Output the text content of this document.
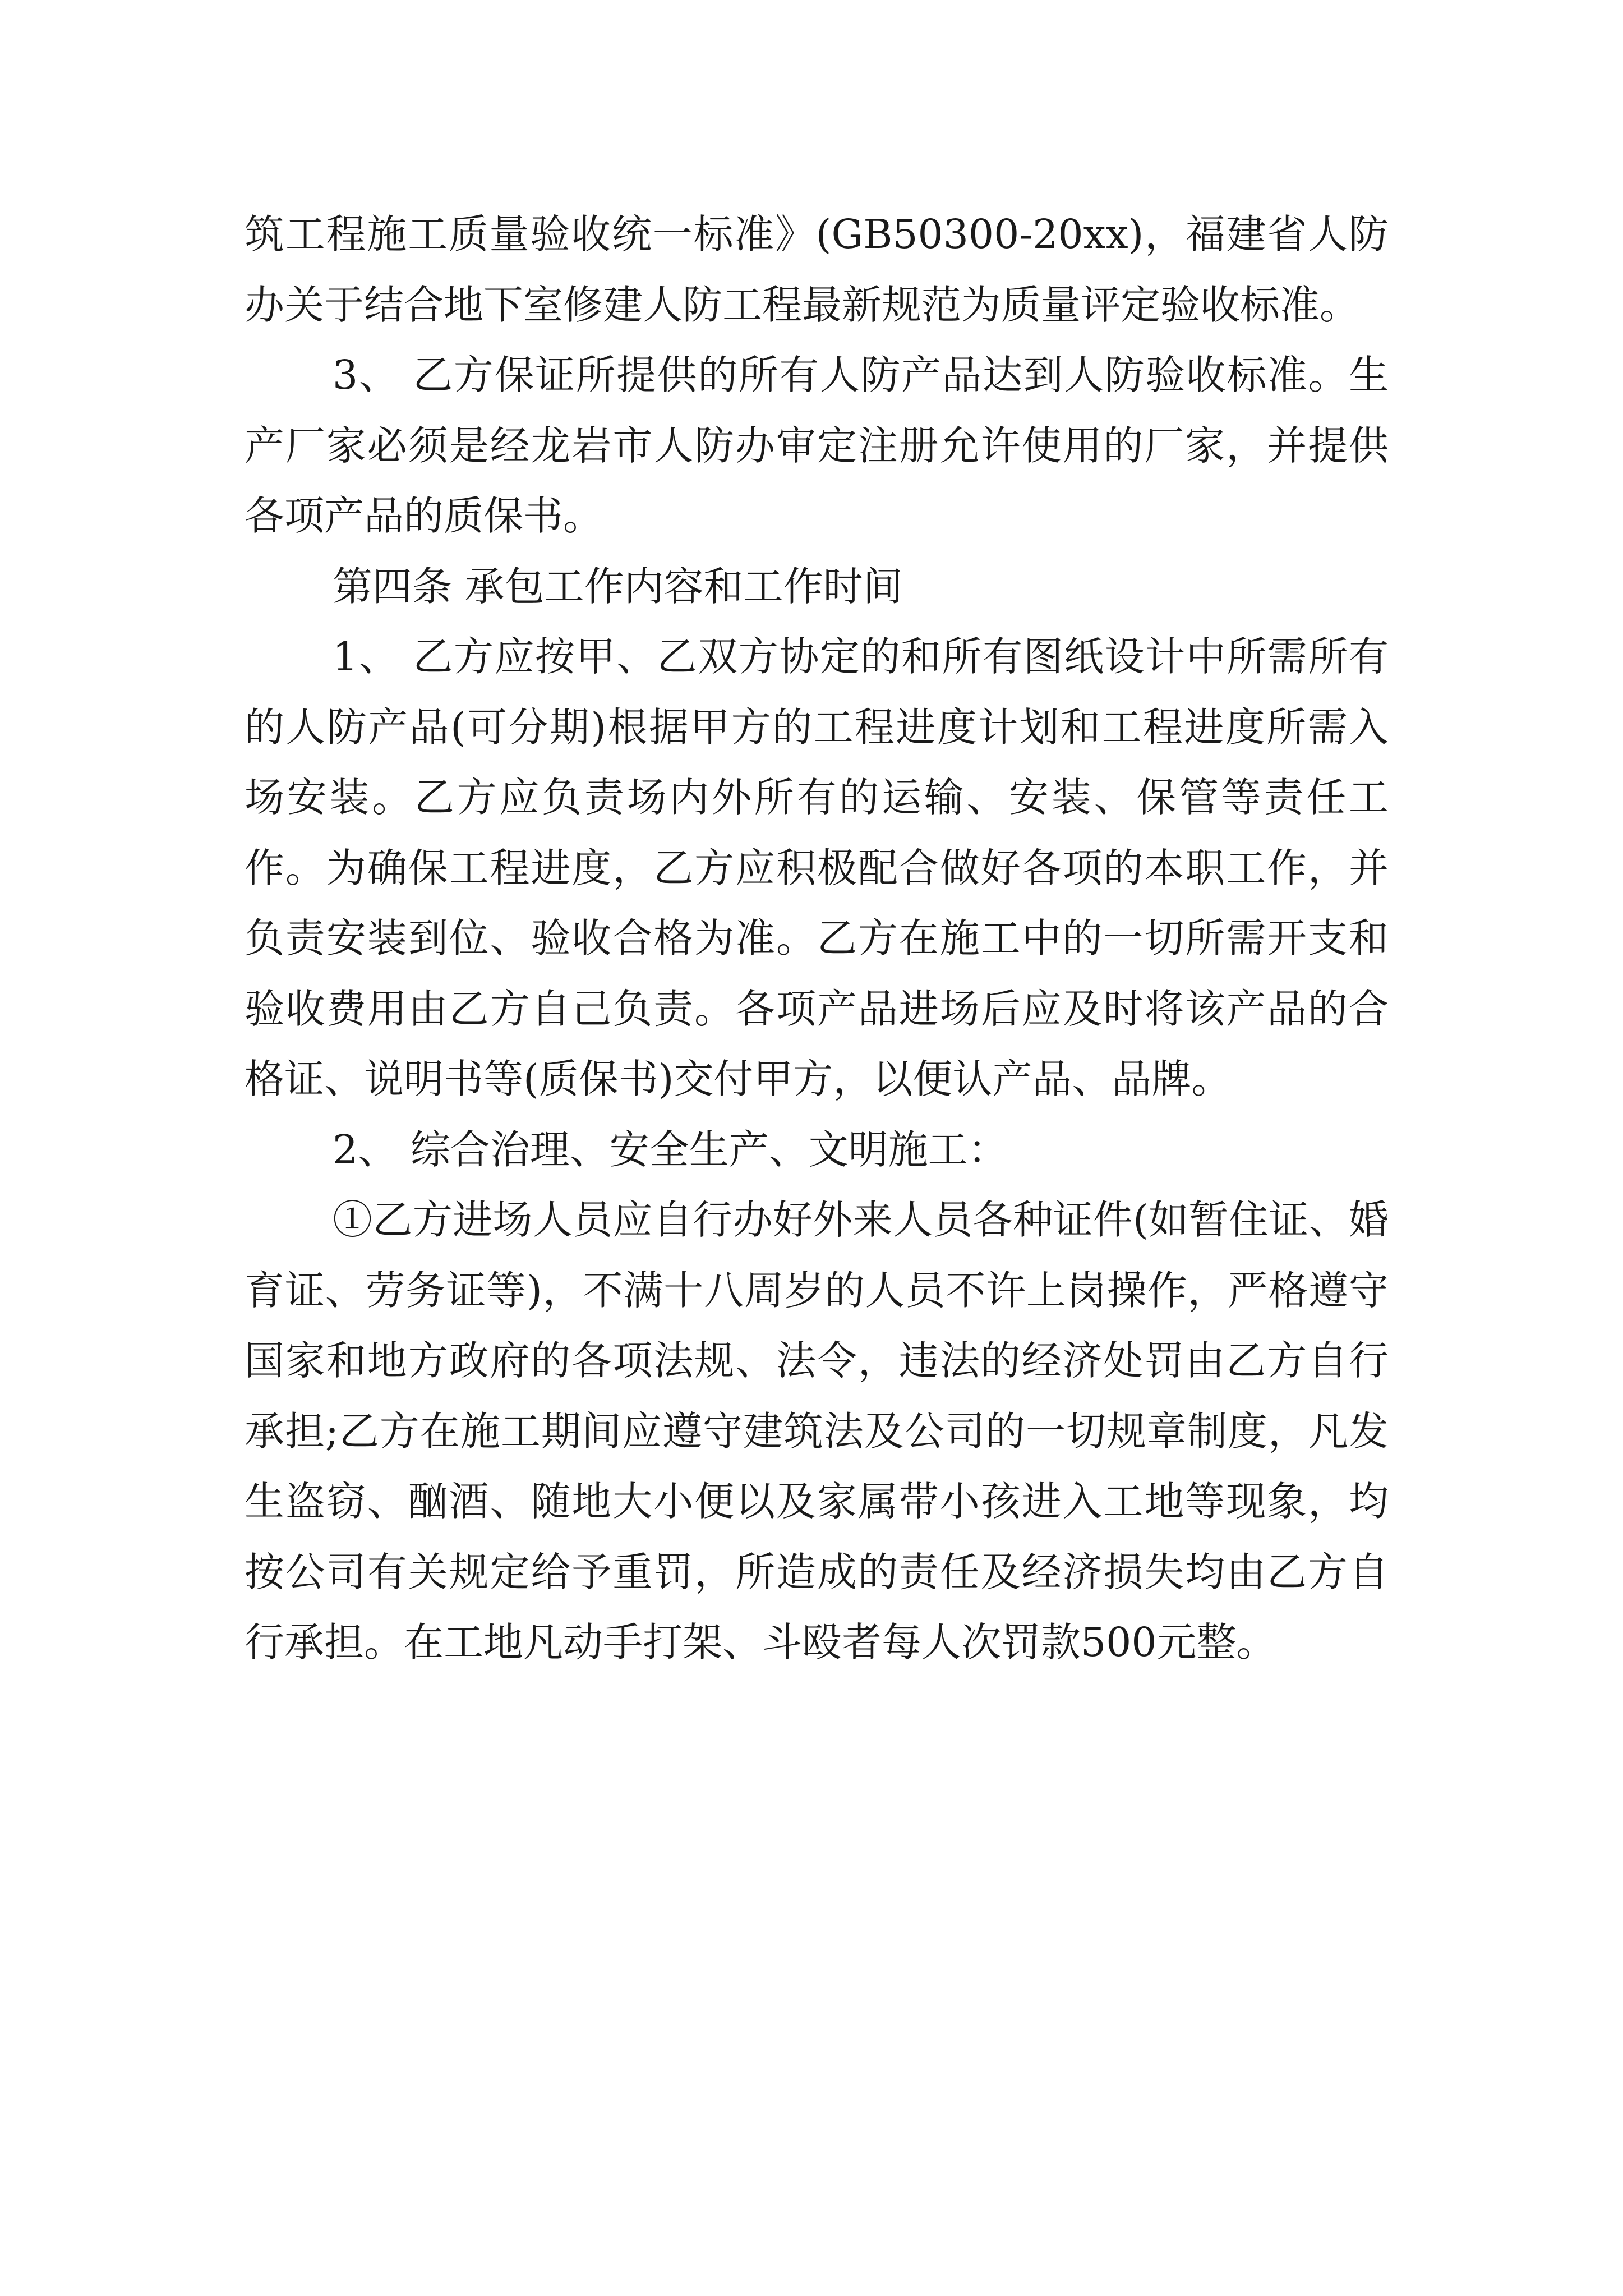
筑工程施工质量验收统一标准》(GB50300-20xx)，福建省人防办关于结合地下室修建人防工程最新规范为质量评定验收标准。

3、 乙方保证所提供的所有人防产品达到人防验收标准。生产厂家必须是经龙岩市人防办审定注册允许使用的厂家，并提供各项产品的质保书。

第四条 承包工作内容和工作时间

1、 乙方应按甲、乙双方协定的和所有图纸设计中所需所有的人防产品(可分期)根据甲方的工程进度计划和工程进度所需入场安装。乙方应负责场内外所有的运输、安装、保管等责任工作。为确保工程进度，乙方应积极配合做好各项的本职工作，并负责安装到位、验收合格为准。乙方在施工中的一切所需开支和验收费用由乙方自己负责。各项产品进场后应及时将该产品的合格证、说明书等(质保书)交付甲方，以便认产品、品牌。

2、 综合治理、安全生产、文明施工：

①乙方进场人员应自行办好外来人员各种证件(如暂住证、婚育证、劳务证等)，不满十八周岁的人员不许上岗操作，严格遵守国家和地方政府的各项法规、法令，违法的经济处罚由乙方自行承担;乙方在施工期间应遵守建筑法及公司的一切规章制度，凡发生盗窃、酗酒、随地大小便以及家属带小孩进入工地等现象，均按公司有关规定给予重罚，所造成的责任及经济损失均由乙方自行承担。在工地凡动手打架、斗殴者每人次罚款500元整。
